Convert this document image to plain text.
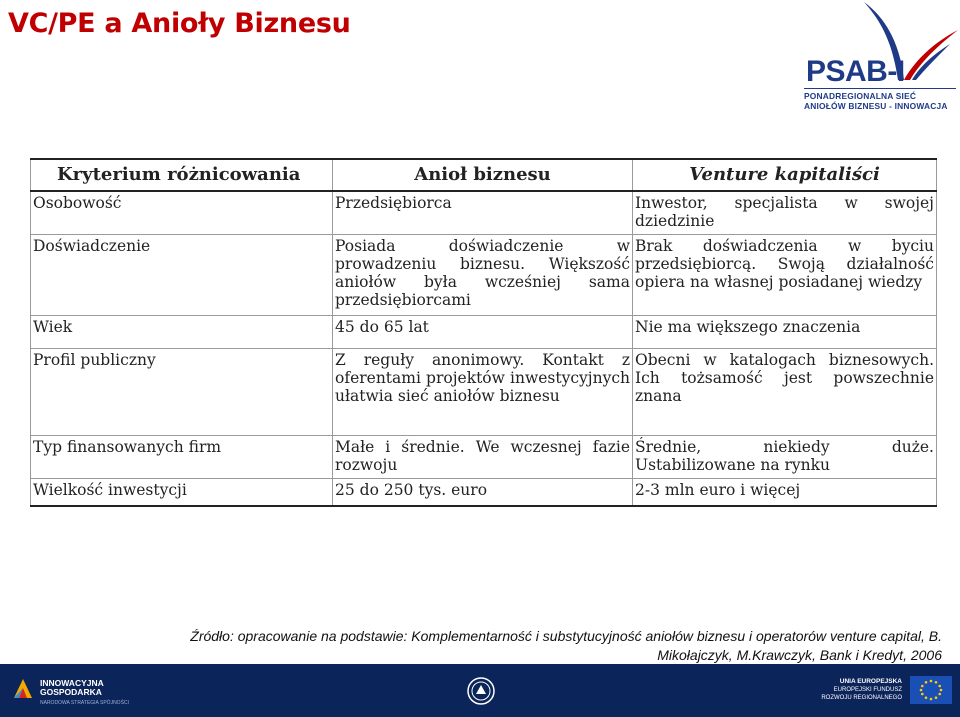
VC/PE a Anioły Biznesu
PSAB-I
PONADREGIONALNA SIEĆ
ANIOŁÓW BIZNESU - INNOWACJA
Kryterium różnicowania	Anioł biznesu	Venture kapitaliści
Osobowość	Przedsiębiorca	Inwestor, specjalista w swojej dziedzinie
Doświadczenie	Posiada doświadczenie w prowadzeniu biznesu. Większość aniołów była wcześniej sama przedsiębiorcami	Brak doświadczenia w byciu przedsiębiorcą. Swoją działalność opiera na własnej posiadanej wiedzy
Wiek	45 do 65 lat	Nie ma większego znaczenia
Profil publiczny	Z reguły anonimowy. Kontakt z oferentami projektów inwestycyjnych ułatwia sieć aniołów biznesu	Obecni w katalogach biznesowych. Ich tożsamość jest powszechnie znana
Typ finansowanych firm	Małe i średnie. We wczesnej fazie rozwoju	Średnie, niekiedy duże. Ustabilizowane na rynku
Wielkość inwestycji	25 do 250 tys. euro	2-3 mln euro i więcej
Źródło: opracowanie na podstawie: Komplementarność i substytucyjność aniołów biznesu i operatorów venture capital, B.
Mikołajczyk, M.Krawczyk, Bank i Kredyt, 2006
INNOWACYJNA
GOSPODARKA
NARODOWA STRATEGIA SPÓJNOŚCI
UNIA EUROPEJSKA
EUROPEJSKI FUNDUSZ
ROZWOJU REGIONALNEGO
